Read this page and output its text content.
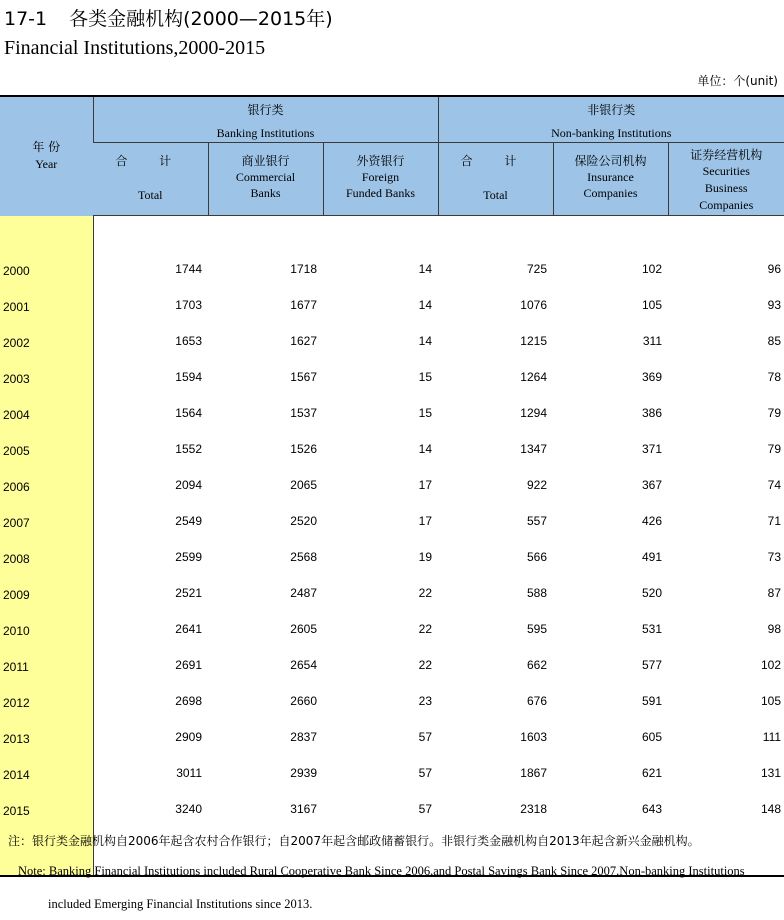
17-1 各类金融机构(2000—2015年)
Financial Institutions,2000-2015
单位：个(unit)
年 份
Year	银行类
Banking Institutions			非银行类
Non-banking Institutions		

	合 计
Total	商业银行
Commercial
Banks	外资银行
Foreign
Funded Banks	合 计
Total	保险公司机构
Insurance
Companies	证券经营机构
Securities
Business
Companies

2000	1744	1718	14	725	102	96
2001	1703	1677	14	1076	105	93
2002	1653	1627	14	1215	311	85
2003	1594	1567	15	1264	369	78
2004	1564	1537	15	1294	386	79
2005	1552	1526	14	1347	371	79
2006	2094	2065	17	922	367	74
2007	2549	2520	17	557	426	71
2008	2599	2568	19	566	491	73
2009	2521	2487	22	588	520	87
2010	2641	2605	22	595	531	98
2011	2691	2654	22	662	577	102
2012	2698	2660	23	676	591	105
2013	2909	2837	57	1603	605	111
2014	3011	2939	57	1867	621	131
2015	3240	3167	57	2318	643	148

注：银行类金融机构自2006年起含农村合作银行；自2007年起含邮政储蓄银行。非银行类金融机构自2013年起含新兴金融机构。
Note: Banking Financial Institutions included Rural Cooperative Bank Since 2006,and Postal Savings Bank Since 2007.Non-banking Institutions
included Emerging Financial Institutions since 2013.
